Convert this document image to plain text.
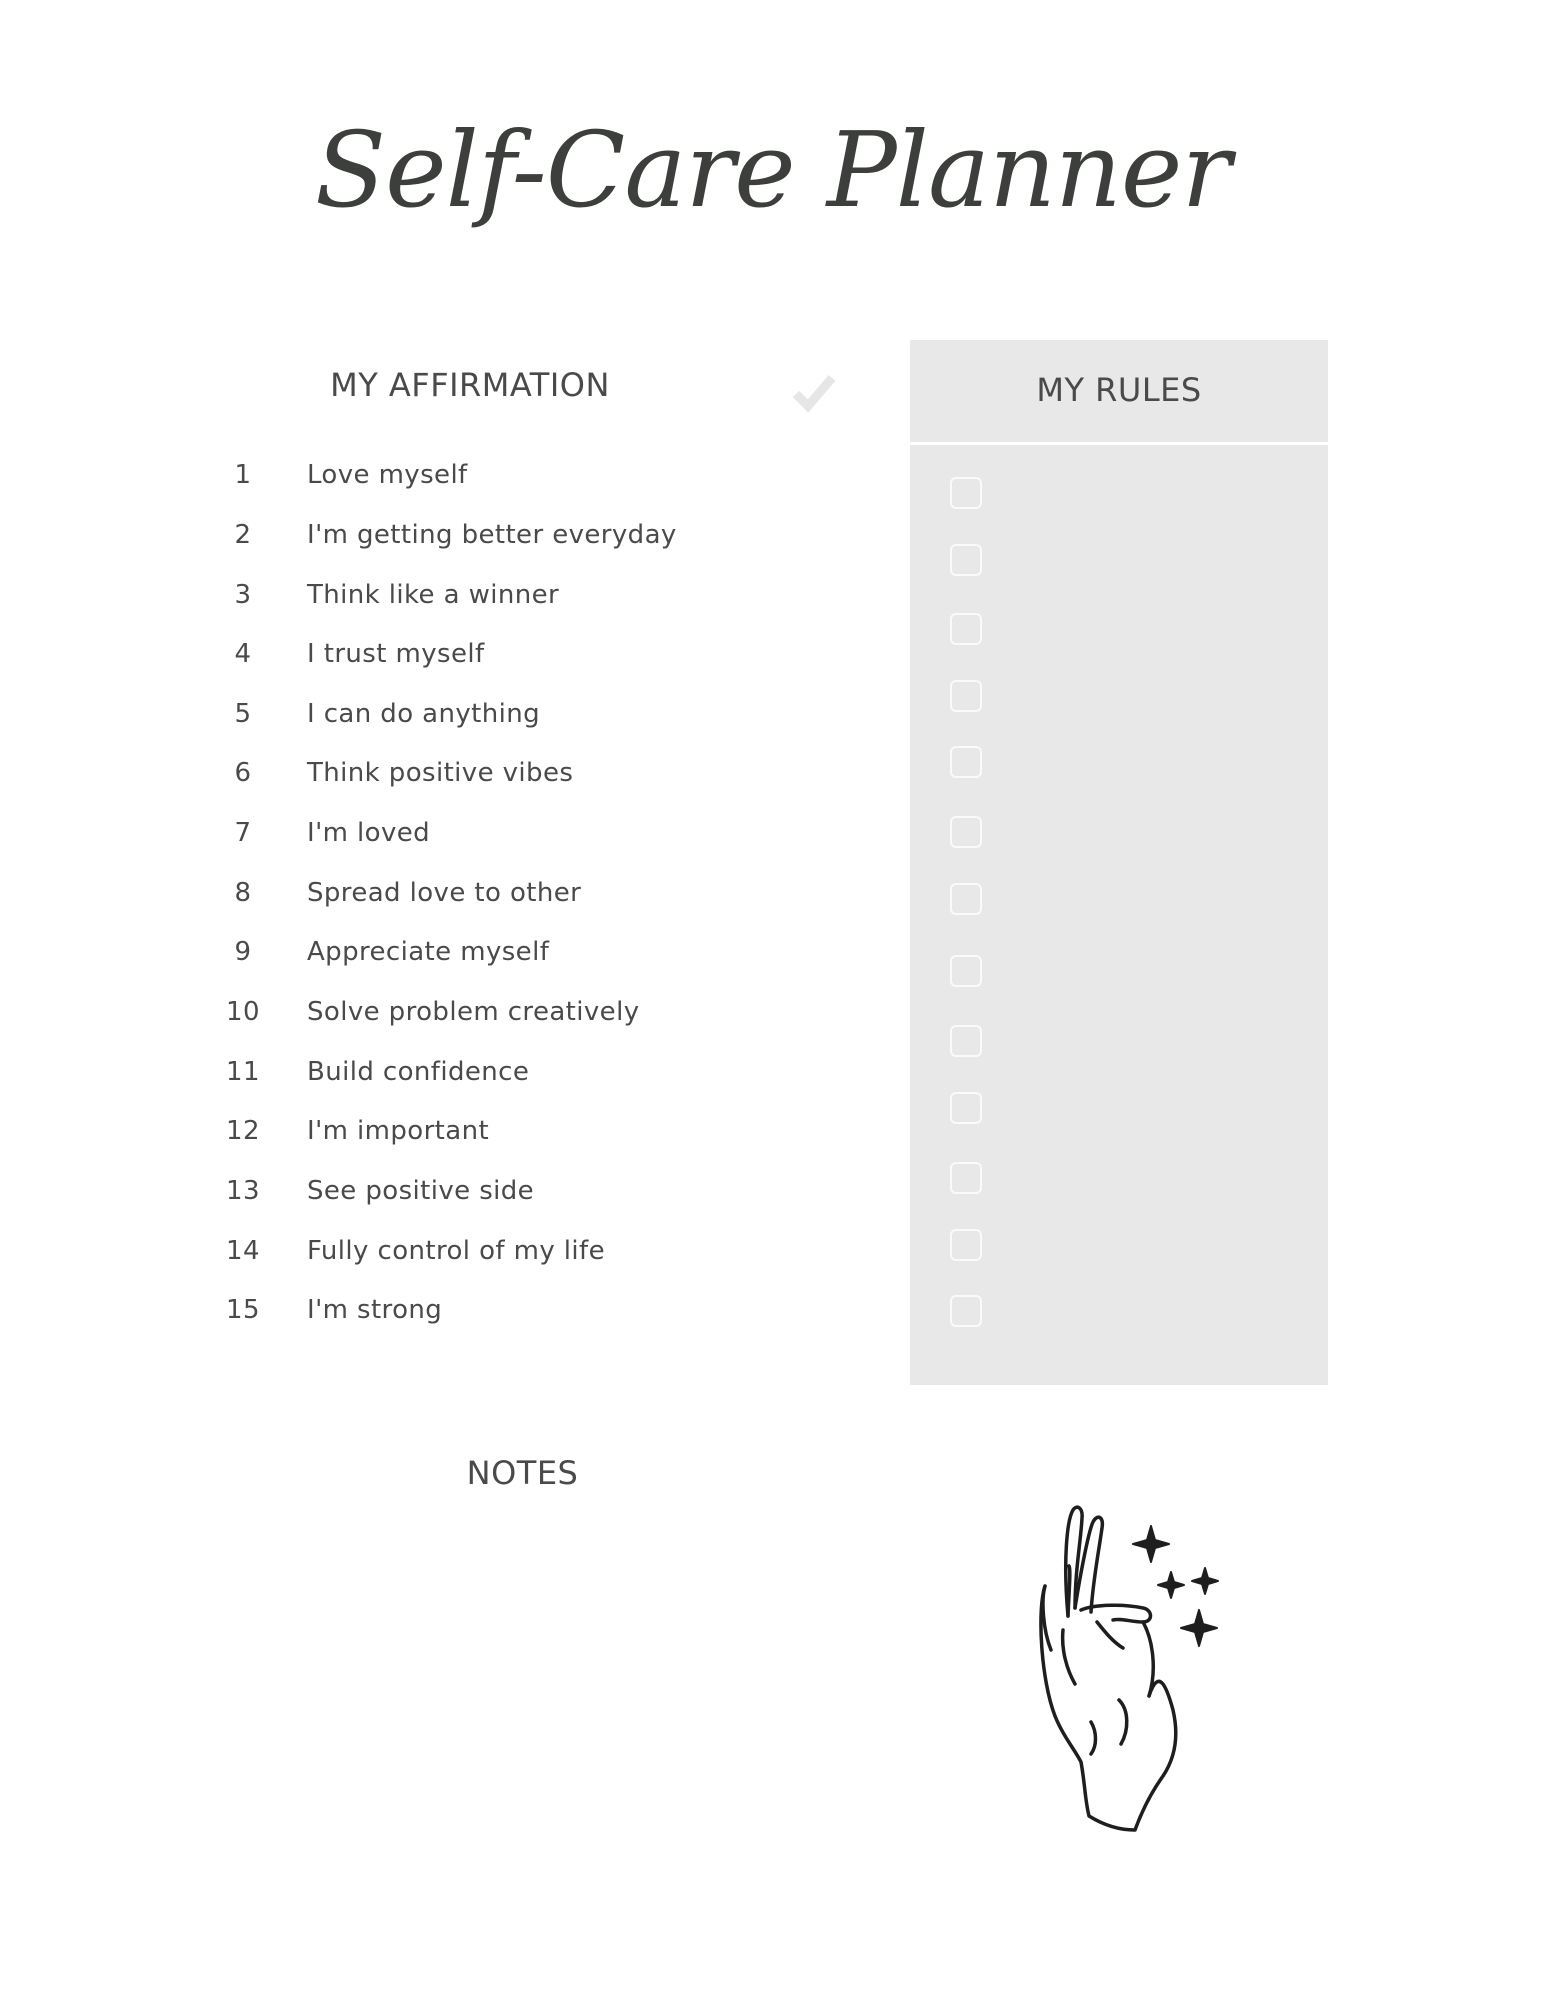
Self-Care Planner
MY AFFIRMATION
1	Love myself
2	I'm getting better everyday
3	Think like a winner
4	I trust myself
5	I can do anything
6	Think positive vibes
7	I'm loved
8	Spread love to other
9	Appreciate myself
10	Solve problem creatively
11	Build confidence
12	I'm important
13	See positive side
14	Fully control of my life
15	I'm strong
MY RULES
NOTES
